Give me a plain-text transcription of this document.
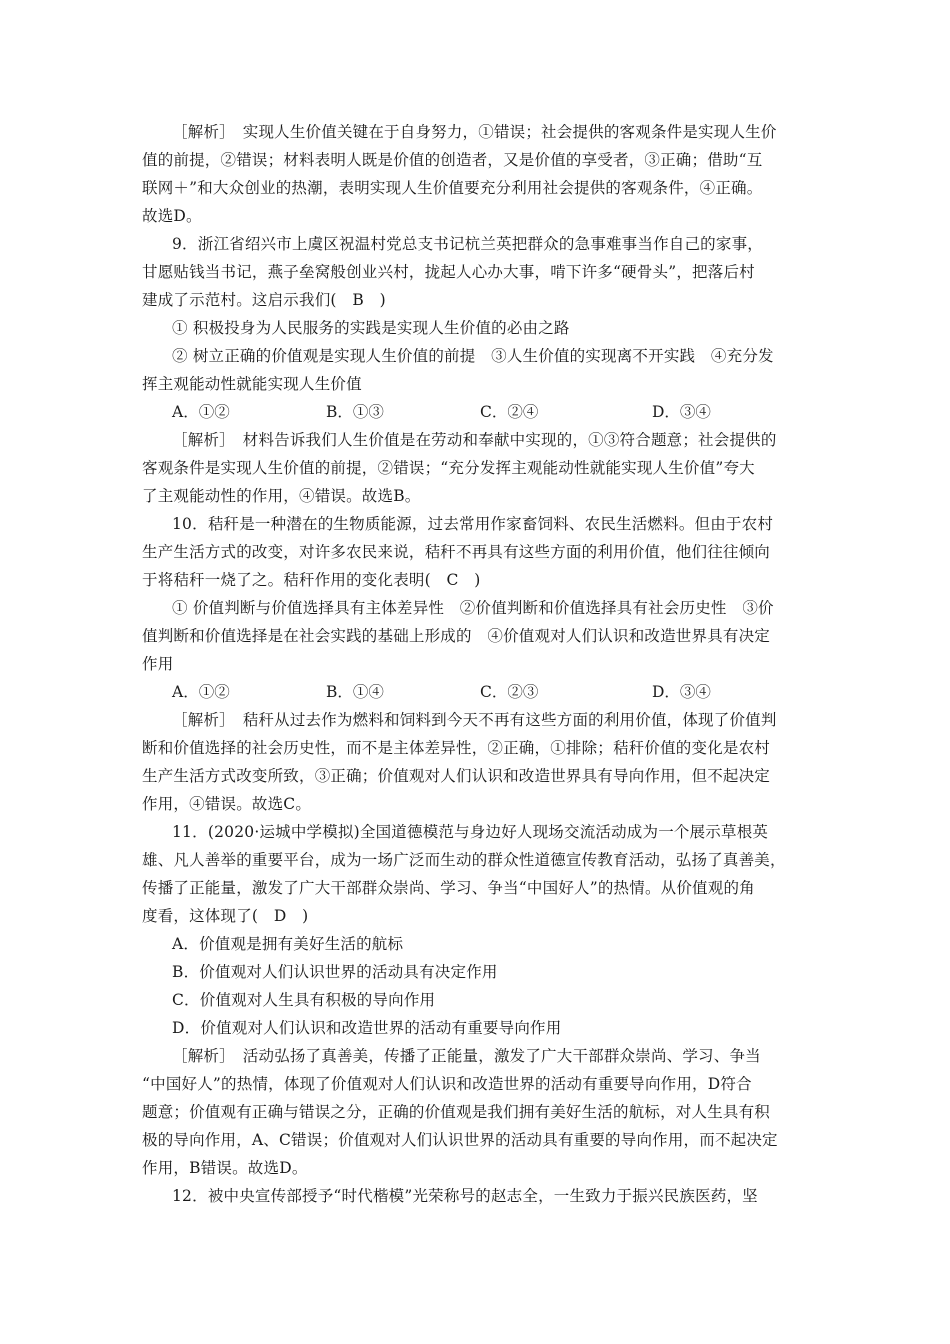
［解析］　实现人生价值关键在于自身努力，①错误；社会提供的客观条件是实现人生价
值的前提，②错误；材料表明人既是价值的创造者，又是价值的享受者，③正确；借助“互
联网＋”和大众创业的热潮，表明实现人生价值要充分利用社会提供的客观条件，④正确。
故选D。
9．浙江省绍兴市上虞区祝温村党总支书记杭兰英把群众的急事难事当作自己的家事，
甘愿贴钱当书记，燕子垒窝般创业兴村，拢起人心办大事，啃下许多“硬骨头”，把落后村
建成了示范村。这启示我们(　B　)
① 积极投身为人民服务的实践是实现人生价值的必由之路
② 树立正确的价值观是实现人生价值的前提　③人生价值的实现离不开实践　④充分发
挥主观能动性就能实现人生价值
A．①②	B．①③	C．②④	D．③④
［解析］　材料告诉我们人生价值是在劳动和奉献中实现的，①③符合题意；社会提供的
客观条件是实现人生价值的前提，②错误；“充分发挥主观能动性就能实现人生价值”夸大
了主观能动性的作用，④错误。故选B。
10．秸秆是一种潜在的生物质能源，过去常用作家畜饲料、农民生活燃料。但由于农村
生产生活方式的改变，对许多农民来说，秸秆不再具有这些方面的利用价值，他们往往倾向
于将秸秆一烧了之。秸秆作用的变化表明(　C　)
① 价值判断与价值选择具有主体差异性　②价值判断和价值选择具有社会历史性　③价
值判断和价值选择是在社会实践的基础上形成的　④价值观对人们认识和改造世界具有决定
作用
A．①②	B．①④	C．②③	D．③④
［解析］　秸秆从过去作为燃料和饲料到今天不再有这些方面的利用价值，体现了价值判
断和价值选择的社会历史性，而不是主体差异性，②正确，①排除；秸秆价值的变化是农村
生产生活方式改变所致，③正确；价值观对人们认识和改造世界具有导向作用，但不起决定
作用，④错误。故选C。
11．(2020·运城中学模拟)全国道德模范与身边好人现场交流活动成为一个展示草根英
雄、凡人善举的重要平台，成为一场广泛而生动的群众性道德宣传教育活动，弘扬了真善美，
传播了正能量，激发了广大干部群众崇尚、学习、争当“中国好人”的热情。从价值观的角
度看，这体现了(　D　)
A．价值观是拥有美好生活的航标
B．价值观对人们认识世界的活动具有决定作用
C．价值观对人生具有积极的导向作用
D．价值观对人们认识和改造世界的活动有重要导向作用
［解析］　活动弘扬了真善美，传播了正能量，激发了广大干部群众崇尚、学习、争当
“中国好人”的热情，体现了价值观对人们认识和改造世界的活动有重要导向作用，D符合
题意；价值观有正确与错误之分，正确的价值观是我们拥有美好生活的航标，对人生具有积
极的导向作用，A、C错误；价值观对人们认识世界的活动具有重要的导向作用，而不起决定
作用，B错误。故选D。
12．被中央宣传部授予“时代楷模”光荣称号的赵志全，一生致力于振兴民族医药，坚
